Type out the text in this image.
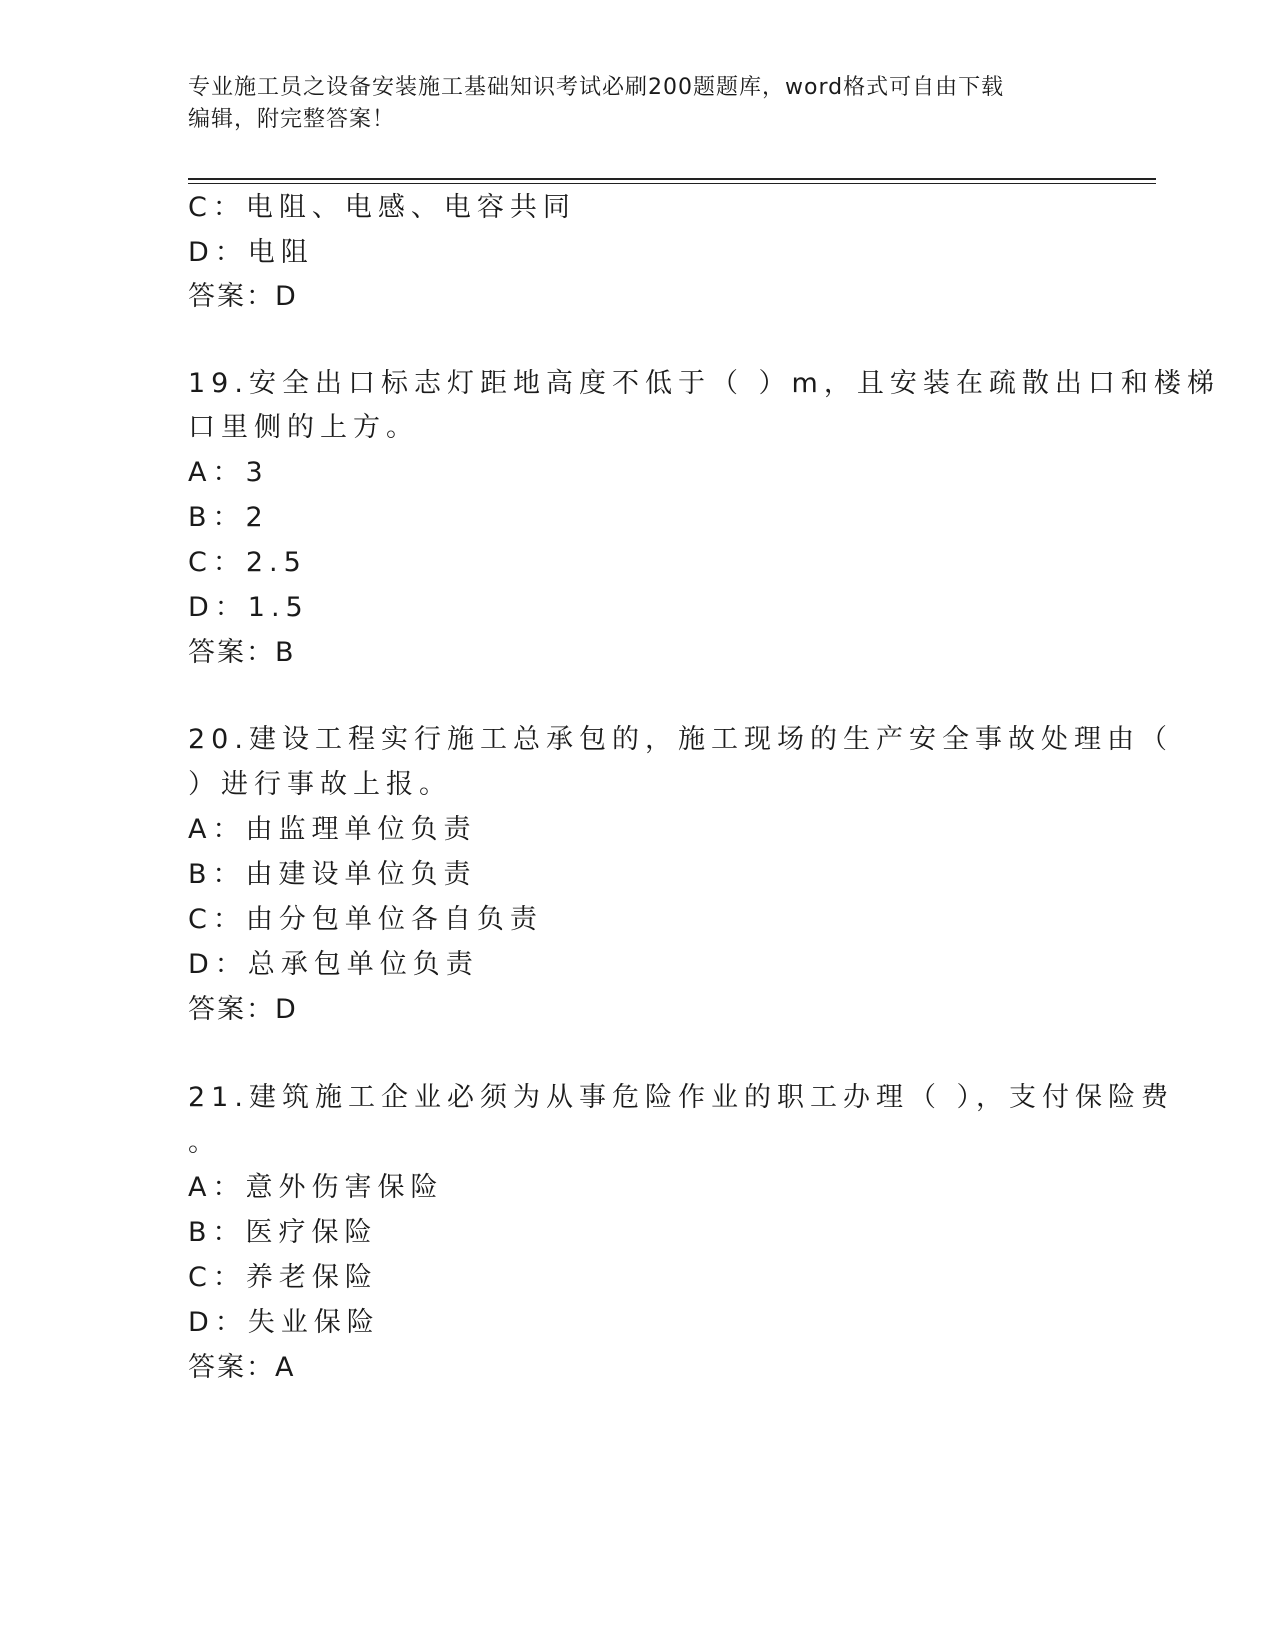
专业施工员之设备安装施工基础知识考试必刷200题题库，word格式可自由下载
编辑，附完整答案！
C：电阻、电感、电容共同
D：电阻
答案：D
19.安全出口标志灯距地高度不低于（ ）m，且安装在疏散出口和楼梯
口里侧的上方。
A：3
B：2
C：2.5
D：1.5
答案：B
20.建设工程实行施工总承包的，施工现场的生产安全事故处理由（
）进行事故上报。
A：由监理单位负责
B：由建设单位负责
C：由分包单位各自负责
D：总承包单位负责
答案：D
21.建筑施工企业必须为从事危险作业的职工办理（ ），支付保险费
。
A：意外伤害保险
B：医疗保险
C：养老保险
D：失业保险
答案：A
